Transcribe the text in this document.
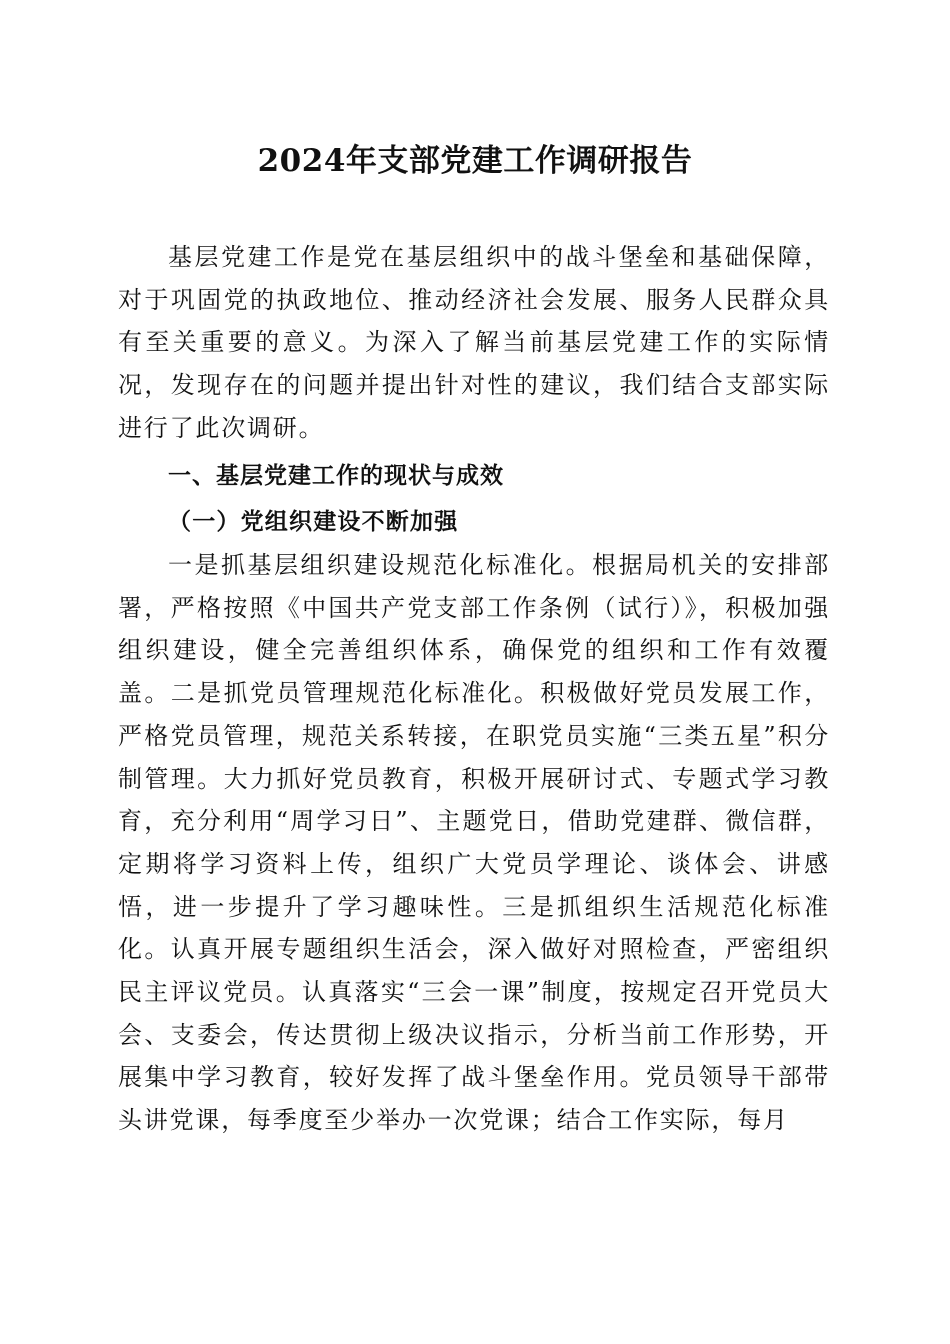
2024年支部党建工作调研报告

基层党建工作是党在基层组织中的战斗堡垒和基础保障，对于巩固党的执政地位、推动经济社会发展、服务人民群众具有至关重要的意义。为深入了解当前基层党建工作的实际情况，发现存在的问题并提出针对性的建议，我们结合支部实际进行了此次调研。

一、基层党建工作的现状与成效
（一）党组织建设不断加强

一是抓基层组织建设规范化标准化。根据局机关的安排部署，严格按照《中国共产党支部工作条例（试行）》，积极加强组织建设，健全完善组织体系，确保党的组织和工作有效覆盖。二是抓党员管理规范化标准化。积极做好党员发展工作，严格党员管理，规范关系转接，在职党员实施“三类五星”积分制管理。大力抓好党员教育，积极开展研讨式、专题式学习教育，充分利用“周学习日”、主题党日，借助党建群、微信群，定期将学习资料上传，组织广大党员学理论、谈体会、讲感悟，进一步提升了学习趣味性。三是抓组织生活规范化标准化。认真开展专题组织生活会，深入做好对照检查，严密组织民主评议党员。认真落实“三会一课”制度，按规定召开党员大会、支委会，传达贯彻上级决议指示，分析当前工作形势，开展集中学习教育，较好发挥了战斗堡垒作用。党员领导干部带头讲党课，每季度至少举办一次党课；结合工作实际，每月
